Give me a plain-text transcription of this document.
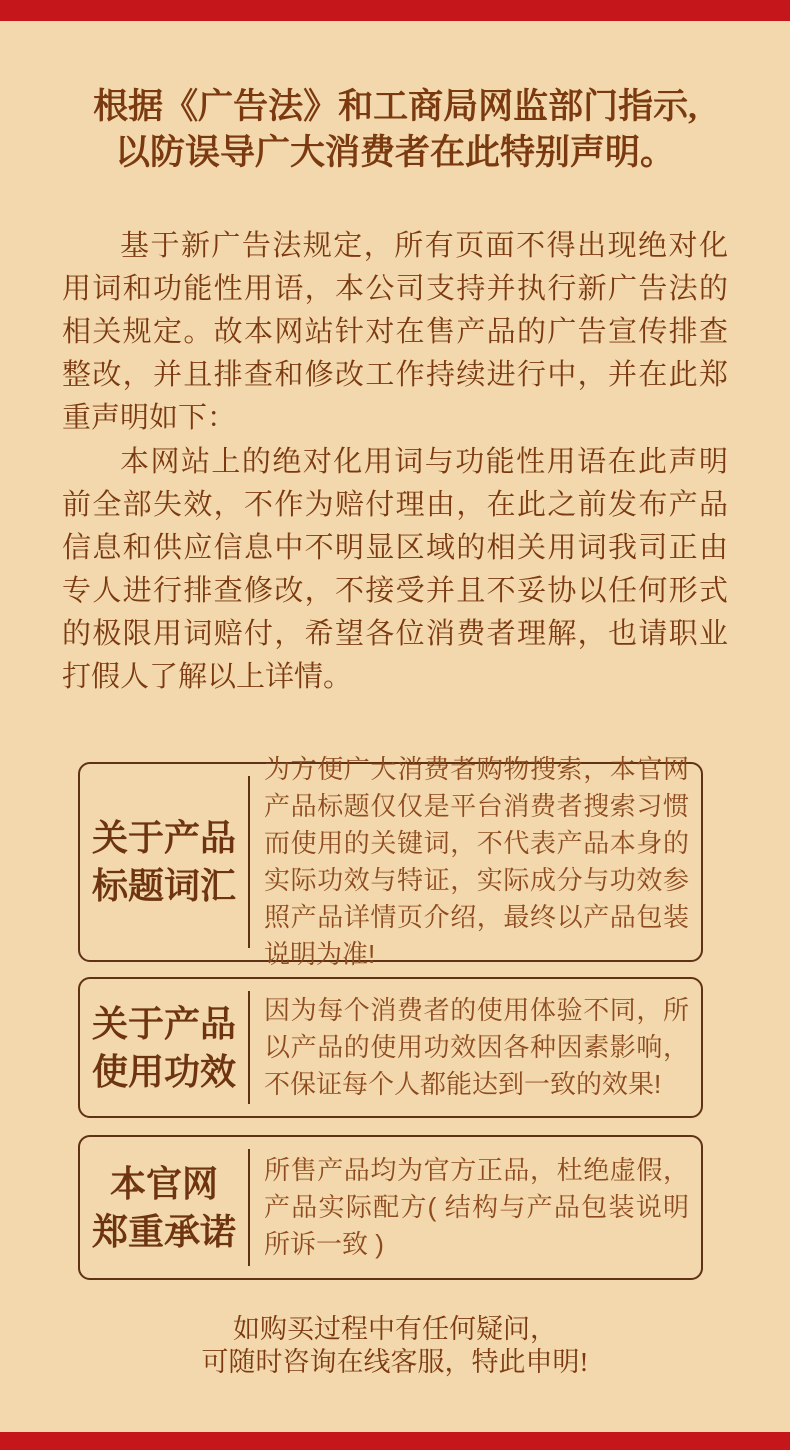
根据《广告法》和工商局网监部门指示,
以防误导广大消费者在此特别声明。
基于新广告法规定，所有页面不得出现绝对化用词和功能性用语，本公司支持并执行新广告法的相关规定。故本网站针对在售产品的广告宣传排查整改，并且排查和修改工作持续进行中，并在此郑重声明如下：
本网站上的绝对化用词与功能性用语在此声明前全部失效，不作为赔付理由，在此之前发布产品信息和供应信息中不明显区域的相关用词我司正由专人进行排查修改，不接受并且不妥协以任何形式的极限用词赔付，希望各位消费者理解，也请职业打假人了解以上详情。
关于产品
标题词汇
为方便广大消费者购物搜索，本官网产品标题仅仅是平台消费者搜索习惯而使用的关键词，不代表产品本身的实际功效与特证，实际成分与功效参照产品详情页介绍，最终以产品包装说明为准!
关于产品
使用功效
因为每个消费者的使用体验不同，所以产品的使用功效因各种因素影响，不保证每个人都能达到一致的效果!
本官网
郑重承诺
所售产品均为官方正品，杜绝虚假，产品实际配方( 结构与产品包装说明所诉一致 )
如购买过程中有任何疑问，
可随时咨询在线客服，特此申明!
